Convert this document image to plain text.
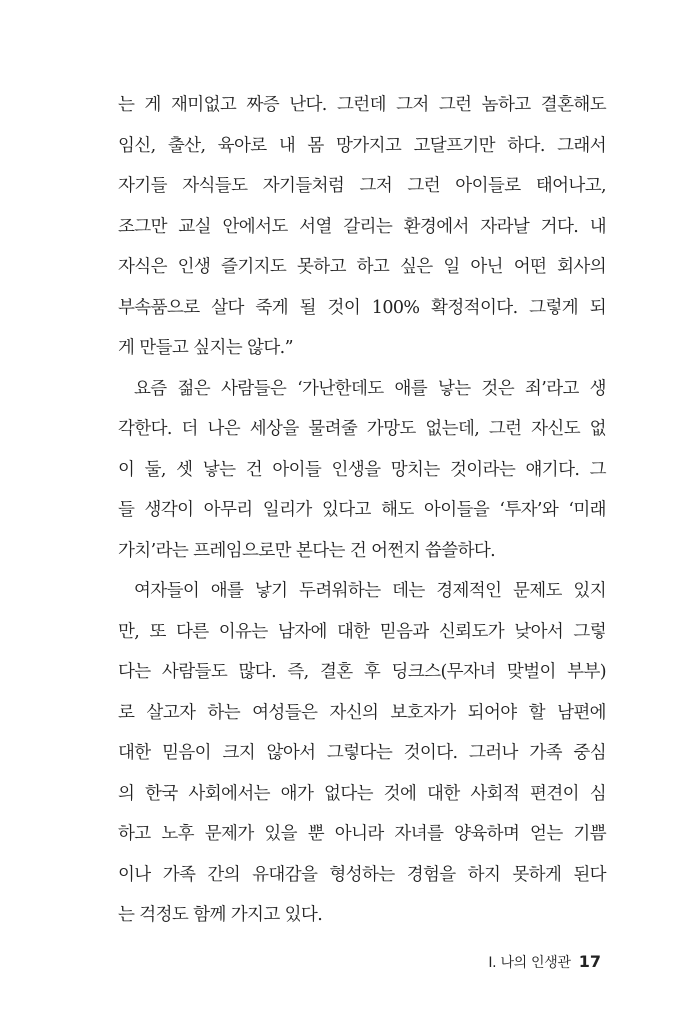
는 게 재미없고 짜증 난다. 그런데 그저 그런 놈하고 결혼해도
임신, 출산, 육아로 내 몸 망가지고 고달프기만 하다. 그래서
자기들 자식들도 자기들처럼 그저 그런 아이들로 태어나고,
조그만 교실 안에서도 서열 갈리는 환경에서 자라날 거다. 내
자식은 인생 즐기지도 못하고 하고 싶은 일 아닌 어떤 회사의
부속품으로 살다 죽게 될 것이 100% 확정적이다. 그렇게 되
게 만들고 싶지는 않다.”
요즘 젊은 사람들은 ‘가난한데도 애를 낳는 것은 죄’라고 생
각한다. 더 나은 세상을 물려줄 가망도 없는데, 그런 자신도 없
이 둘, 셋 낳는 건 아이들 인생을 망치는 것이라는 얘기다. 그
들 생각이 아무리 일리가 있다고 해도 아이들을 ‘투자’와 ‘미래
가치’라는 프레임으로만 본다는 건 어쩐지 씁쓸하다.
여자들이 애를 낳기 두려워하는 데는 경제적인 문제도 있지
만, 또 다른 이유는 남자에 대한 믿음과 신뢰도가 낮아서 그렇
다는 사람들도 많다. 즉, 결혼 후 딩크스(무자녀 맞벌이 부부)
로 살고자 하는 여성들은 자신의 보호자가 되어야 할 남편에
대한 믿음이 크지 않아서 그렇다는 것이다. 그러나 가족 중심
의 한국 사회에서는 애가 없다는 것에 대한 사회적 편견이 심
하고 노후 문제가 있을 뿐 아니라 자녀를 양육하며 얻는 기쁨
이나 가족 간의 유대감을 형성하는 경험을 하지 못하게 된다
Ⅰ. 나의 인생관 17
는 걱정도 함께 가지고 있다.
